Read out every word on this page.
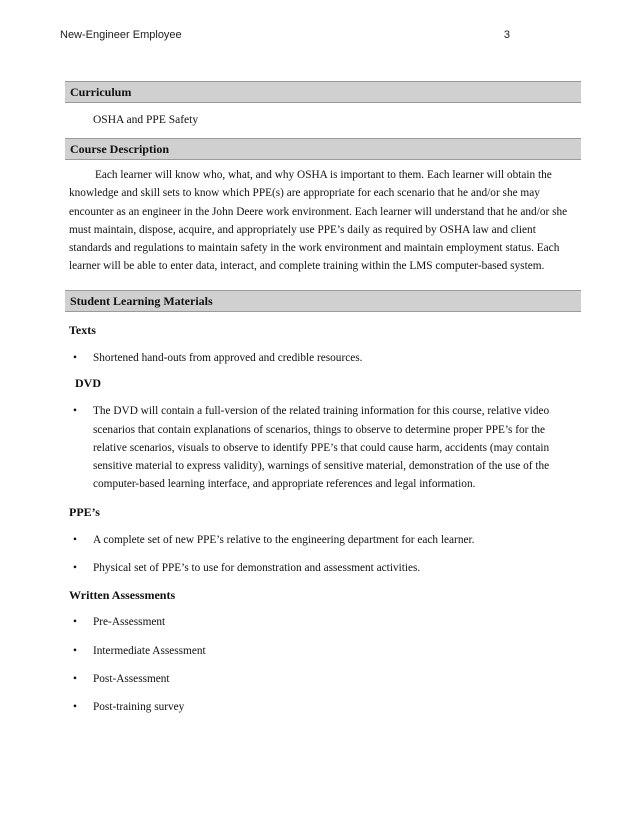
New-Engineer Employee	3
Curriculum
OSHA and PPE Safety
Course Description

Each learner will know who, what, and why OSHA is important to them. Each learner will obtain the knowledge and skill sets to know which PPE(s) are appropriate for each scenario that he and/or she may encounter as an engineer in the John Deere work environment. Each learner will understand that he and/or she must maintain, dispose, acquire, and appropriately use PPE’s daily as required by OSHA law and client standards and regulations to maintain safety in the work environment and maintain employment status. Each learner will be able to enter data, interact, and complete training within the LMS computer-based system.

Student Learning Materials
Texts
• Shortened hand-outs from approved and credible resources.
DVD
• The DVD will contain a full-version of the related training information for this course, relative video scenarios that contain explanations of scenarios, things to observe to determine proper PPE’s for the relative scenarios, visuals to observe to identify PPE’s that could cause harm, accidents (may contain sensitive material to express validity), warnings of sensitive material, demonstration of the use of the computer-based learning interface, and appropriate references and legal information.
PPE’s
• A complete set of new PPE’s relative to the engineering department for each learner.
• Physical set of PPE’s to use for demonstration and assessment activities.
Written Assessments
• Pre-Assessment
• Intermediate Assessment
• Post-Assessment
• Post-training survey
